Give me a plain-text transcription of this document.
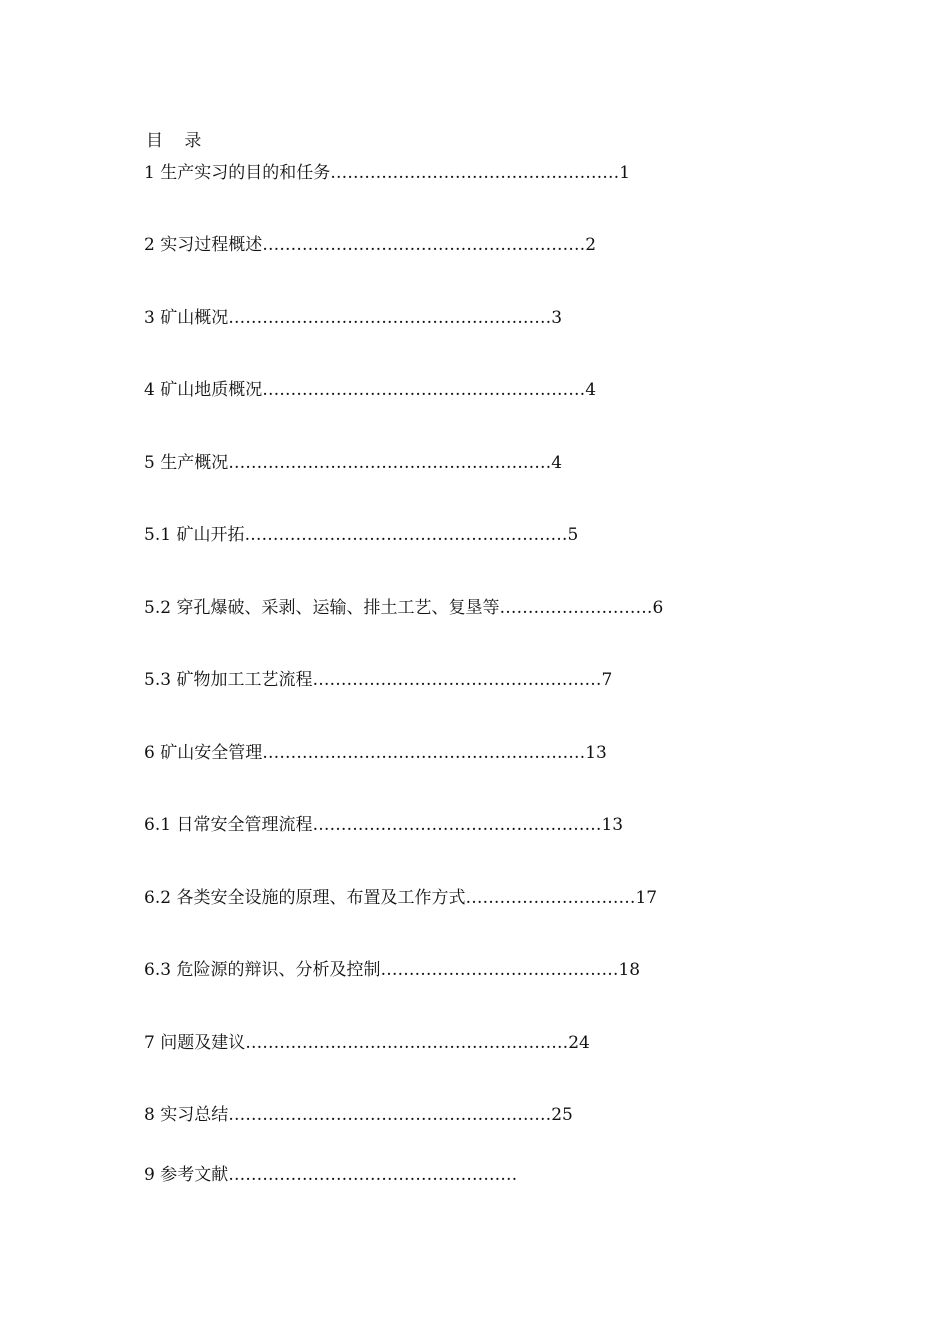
目 录
1 生产实习的目的和任务……………………………………………1
2 实习过程概述…………………………………………………2
3 矿山概况…………………………………………………3
4 矿山地质概况…………………………………………………4
5 生产概况…………………………………………………4
5.1 矿山开拓…………………………………………………5
5.2 穿孔爆破、采剥、运输、排土工艺、复垦等………………………6
5.3 矿物加工工艺流程……………………………………………7
6 矿山安全管理…………………………………………………13
6.1 日常安全管理流程……………………………………………13
6.2 各类安全设施的原理、布置及工作方式…………………………17
6.3 危险源的辩识、分析及控制……………………………………18
7 问题及建议…………………………………………………24
8 实习总结…………………………………………………25
9 参考文献……………………………………………
